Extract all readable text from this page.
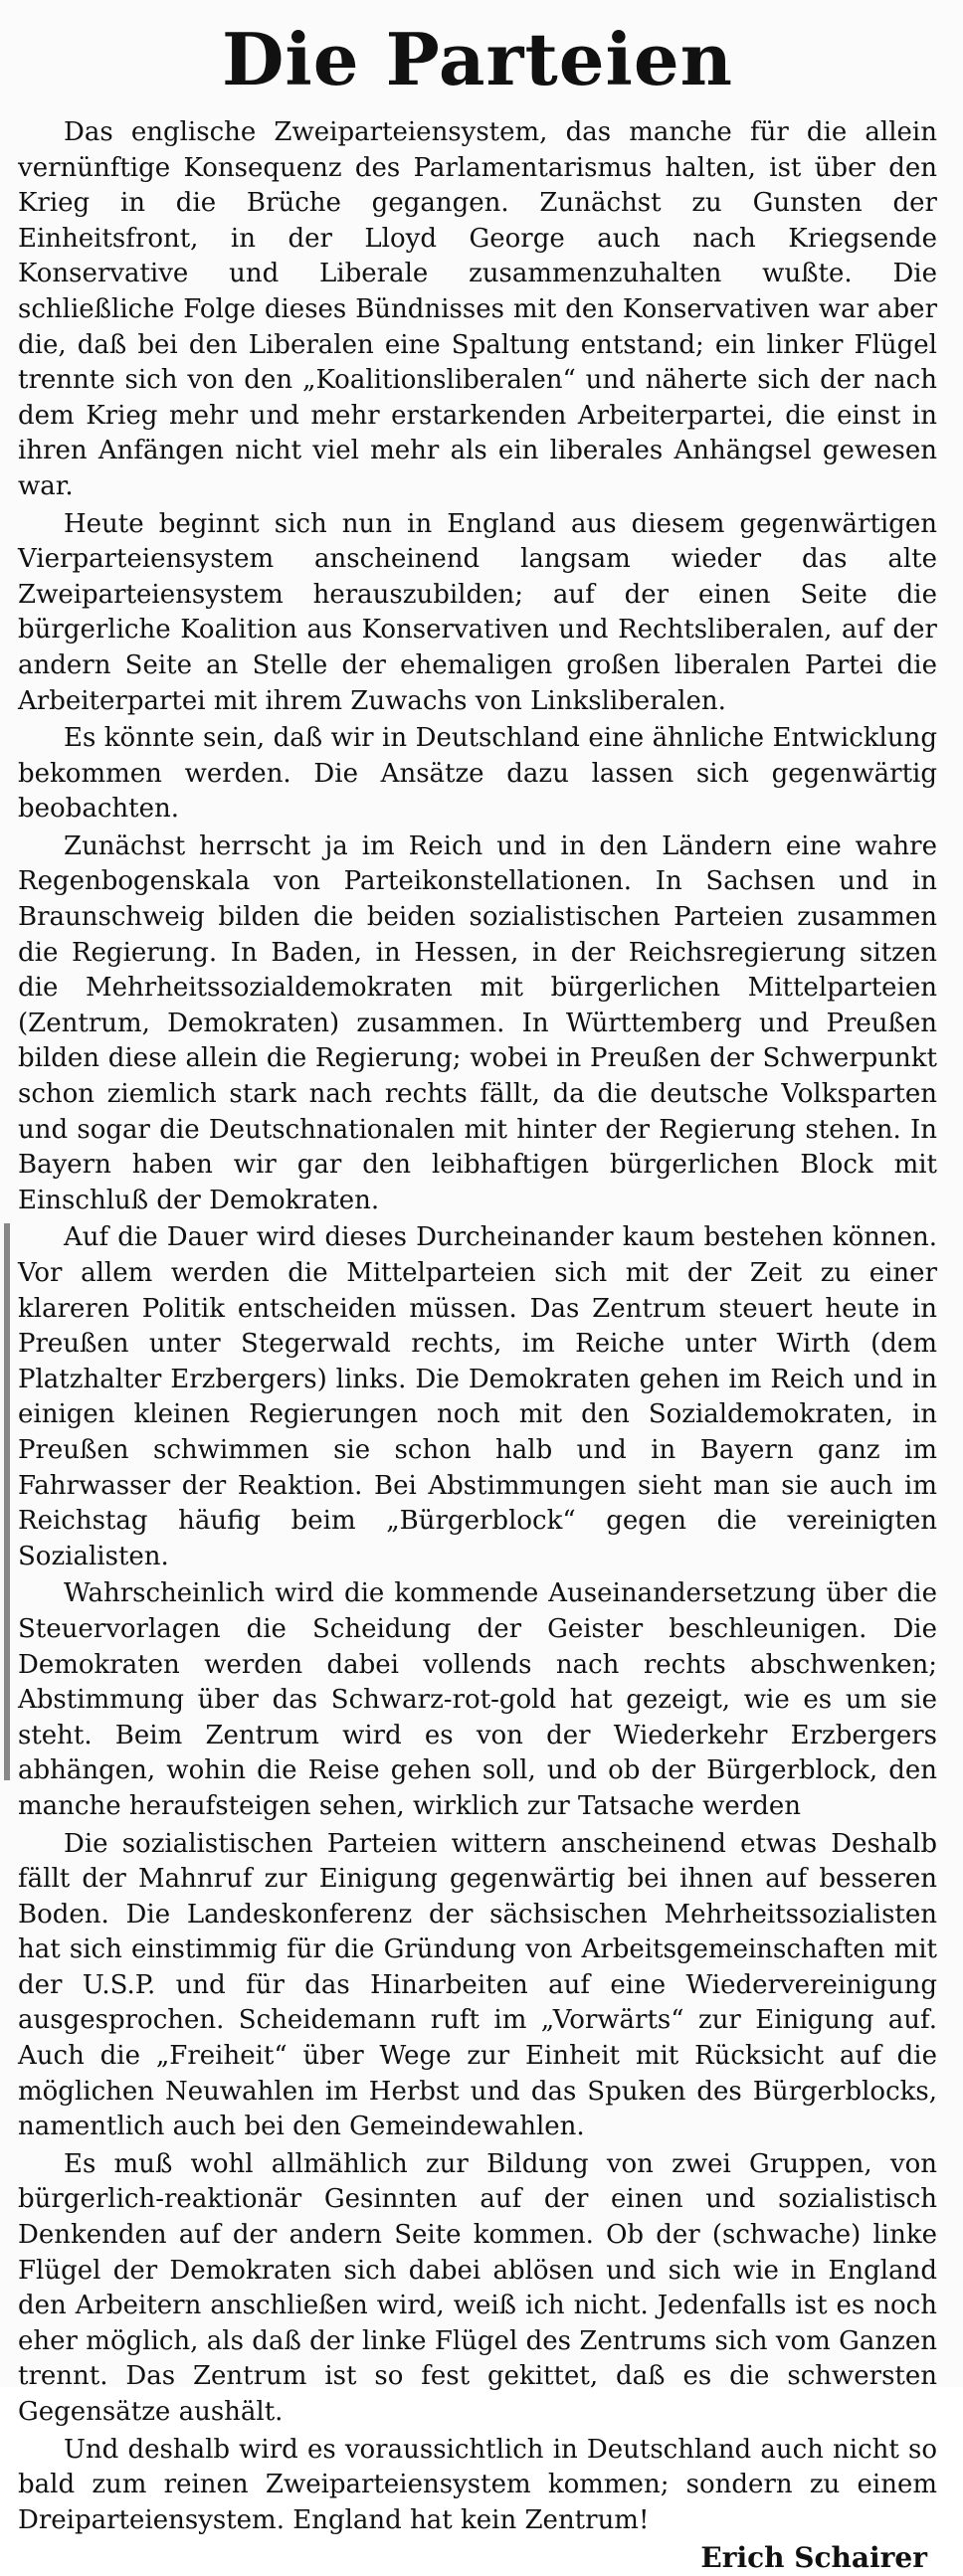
Die Parteien

Das englische Zweiparteiensystem, das manche für die allein vernünftige Konsequenz des Parlamentarismus halten, ist über den Krieg in die Brüche gegangen. Zunächst zu Gunsten der Einheitsfront, in der Lloyd George auch nach Kriegsende Konservative und Liberale zusammenzuhalten wußte. Die schließliche Folge dieses Bündnisses mit den Konservativen war aber die, daß bei den Liberalen eine Spaltung entstand; ein linker Flügel trennte sich von den „Koalitionsliberalen“ und näherte sich der nach dem Krieg mehr und mehr erstarkenden Arbeiterpartei, die einst in ihren Anfängen nicht viel mehr als ein liberales Anhängsel gewesen war.

Heute beginnt sich nun in England aus diesem gegenwärtigen Vierparteiensystem anscheinend langsam wieder das alte Zweiparteiensystem herauszubilden; auf der einen Seite die bürgerliche Koalition aus Konservativen und Rechtsliberalen, auf der andern Seite an Stelle der ehemaligen großen liberalen Partei die Arbeiterpartei mit ihrem Zuwachs von Linksliberalen.

Es könnte sein, daß wir in Deutschland eine ähnliche Entwicklung bekommen werden. Die Ansätze dazu lassen sich gegenwärtig beobachten.

Zunächst herrscht ja im Reich und in den Ländern eine wahre Regenbogenskala von Parteikonstellationen. In Sachsen und in Braunschweig bilden die beiden sozialistischen Parteien zusammen die Regierung. In Baden, in Hessen, in der Reichsregierung sitzen die Mehrheitssozialdemokraten mit bürgerlichen Mittelparteien (Zentrum, Demokraten) zusammen. In Württemberg und Preußen bilden diese allein die Regierung; wobei in Preußen der Schwerpunkt schon ziemlich stark nach rechts fällt, da die deutsche Volksparten und sogar die Deutschnationalen mit hinter der Regierung stehen. In Bayern haben wir gar den leibhaftigen bürgerlichen Block mit Einschluß der Demokraten.

Auf die Dauer wird dieses Durcheinander kaum bestehen können. Vor allem werden die Mittelparteien sich mit der Zeit zu einer klareren Politik entscheiden müssen. Das Zentrum steuert heute in Preußen unter Stegerwald rechts, im Reiche unter Wirth (dem Platzhalter Erzbergers) links. Die Demokraten gehen im Reich und in einigen kleinen Regierungen noch mit den Sozialdemokraten, in Preußen schwimmen sie schon halb und in Bayern ganz im Fahrwasser der Reaktion. Bei Abstimmungen sieht man sie auch im Reichstag häufig beim „Bürgerblock“ gegen die vereinigten Sozialisten.

Wahrscheinlich wird die kommende Auseinandersetzung über die Steuervorlagen die Scheidung der Geister beschleunigen. Die Demokraten werden dabei vollends nach rechts abschwenken; Abstimmung über das Schwarz-rot-gold hat gezeigt, wie es um sie steht. Beim Zentrum wird es von der Wiederkehr Erzbergers abhängen, wohin die Reise gehen soll, und ob der Bürgerblock, den manche heraufsteigen sehen, wirklich zur Tatsache werden

Die sozialistischen Parteien wittern anscheinend etwas Deshalb fällt der Mahnruf zur Einigung gegenwärtig bei ihnen auf besseren Boden. Die Landeskonferenz der sächsischen Mehrheitssozialisten hat sich einstimmig für die Gründung von Arbeitsgemeinschaften mit der U.S.P. und für das Hinarbeiten auf eine Wiedervereinigung ausgesprochen. Scheidemann ruft im „Vorwärts“ zur Einigung auf. Auch die „Freiheit“ über Wege zur Einheit mit Rücksicht auf die möglichen Neuwahlen im Herbst und das Spuken des Bürgerblocks, namentlich auch bei den Gemeindewahlen.

Es muß wohl allmählich zur Bildung von zwei Gruppen, von bürgerlich-reaktionär Gesinnten auf der einen und sozialistisch Denkenden auf der andern Seite kommen. Ob der (schwache) linke Flügel der Demokraten sich dabei ablösen und sich wie in England den Arbeitern anschließen wird, weiß ich nicht. Jedenfalls ist es noch eher möglich, als daß der linke Flügel des Zentrums sich vom Ganzen trennt. Das Zentrum ist so fest gekittet, daß es die schwersten Gegensätze aushält.

Und deshalb wird es voraussichtlich in Deutschland auch nicht so bald zum reinen Zweiparteiensystem kommen; sondern zu einem Dreiparteiensystem. England hat kein Zentrum!

Erich Schairer
